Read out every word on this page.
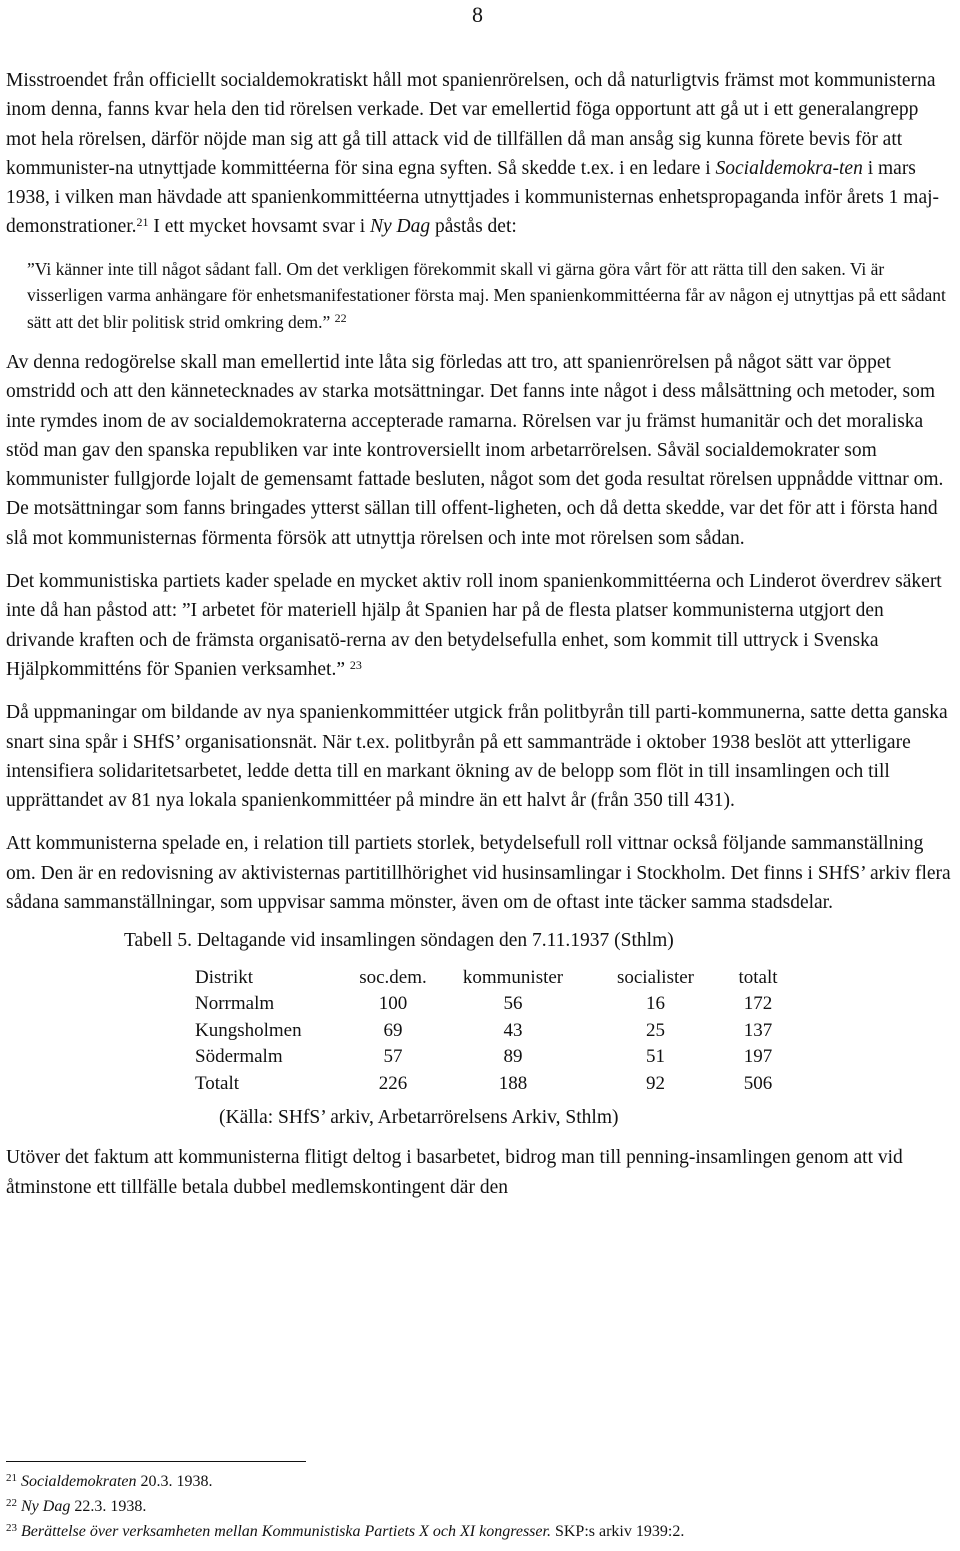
8

Misstroendet från officiellt socialdemokratiskt håll mot spanienrörelsen, och då naturligtvis främst mot kommunisterna inom denna, fanns kvar hela den tid rörelsen verkade. Det var emellertid föga opportunt att gå ut i ett generalangrepp mot hela rörelsen, därför nöjde man sig att gå till attack vid de tillfällen då man ansåg sig kunna förete bevis för att kommunister-na utnyttjade kommittéerna för sina egna syften. Så skedde t.ex. i en ledare i Socialdemokra-ten i mars 1938, i vilken man hävdade att spanienkommittéerna utnyttjades i kommunisternas enhetspropaganda inför årets 1 maj-demonstrationer.$^{21}$ I ett mycket hovsamt svar i Ny Dag påstås det:

”Vi känner inte till något sådant fall. Om det verkligen förekommit skall vi gärna göra vårt för att rätta till den saken. Vi är visserligen varma anhängare för enhetsmanifestationer första maj. Men spanienkommittéerna får av någon ej utnyttjas på ett sådant sätt att det blir politisk strid omkring dem.” $^{22}$

Av denna redogörelse skall man emellertid inte låta sig förledas att tro, att spanienrörelsen på något sätt var öppet omstridd och att den kännetecknades av starka motsättningar. Det fanns inte något i dess målsättning och metoder, som inte rymdes inom de av socialdemokraterna accepterade ramarna. Rörelsen var ju främst humanitär och det moraliska stöd man gav den spanska republiken var inte kontroversiellt inom arbetarrörelsen. Såväl socialdemokrater som kommunister fullgjorde lojalt de gemensamt fattade besluten, något som det goda resultat rörelsen uppnådde vittnar om. De motsättningar som fanns bringades ytterst sällan till offent-ligheten, och då detta skedde, var det för att i första hand slå mot kommunisternas förmenta försök att utnyttja rörelsen och inte mot rörelsen som sådan.

Det kommunistiska partiets kader spelade en mycket aktiv roll inom spanienkommittéerna och Linderot överdrev säkert inte då han påstod att: ”I arbetet för materiell hjälp åt Spanien har på de flesta platser kommunisterna utgjort den drivande kraften och de främsta organisatö-rerna av den betydelsefulla enhet, som kommit till uttryck i Svenska Hjälpkommitténs för Spanien verksamhet.” $^{23}$

Då uppmaningar om bildande av nya spanienkommittéer utgick från politbyrån till parti-kommunerna, satte detta ganska snart sina spår i SHfS’ organisationsnät. När t.ex. politbyrån på ett sammanträde i oktober 1938 beslöt att ytterligare intensifiera solidaritetsarbetet, ledde detta till en markant ökning av de belopp som flöt in till insamlingen och till upprättandet av 81 nya lokala spanienkommittéer på mindre än ett halvt år (från 350 till 431).

Att kommunisterna spelade en, i relation till partiets storlek, betydelsefull roll vittnar också följande sammanställning om. Den är en redovisning av aktivisternas partitillhörighet vid husinsamlingar i Stockholm. Det finns i SHfS’ arkiv flera sådana sammanställningar, som uppvisar samma mönster, även om de oftast inte täcker samma stadsdelar.

Tabell 5. Deltagande vid insamlingen söndagen den 7.11.1937 (Sthlm)
Distrikt	soc.dem.	kommunister	socialister	totalt
Norrmalm	100	56	16	172
Kungsholmen	69	43	25	137
Södermalm	57	89	51	197
Totalt	226	188	92	506
(Källa: SHfS’ arkiv, Arbetarrörelsens Arkiv, Sthlm)

Utöver det faktum att kommunisterna flitigt deltog i basarbetet, bidrog man till penning-insamlingen genom att vid åtminstone ett tillfälle betala dubbel medlemskontingent där den

$^{21}$ Socialdemokraten 20.3. 1938.

$^{22}$ Ny Dag 22.3. 1938.

$^{23}$ Berättelse över verksamheten mellan Kommunistiska Partiets X och XI kongresser. SKP:s arkiv 1939:2.
